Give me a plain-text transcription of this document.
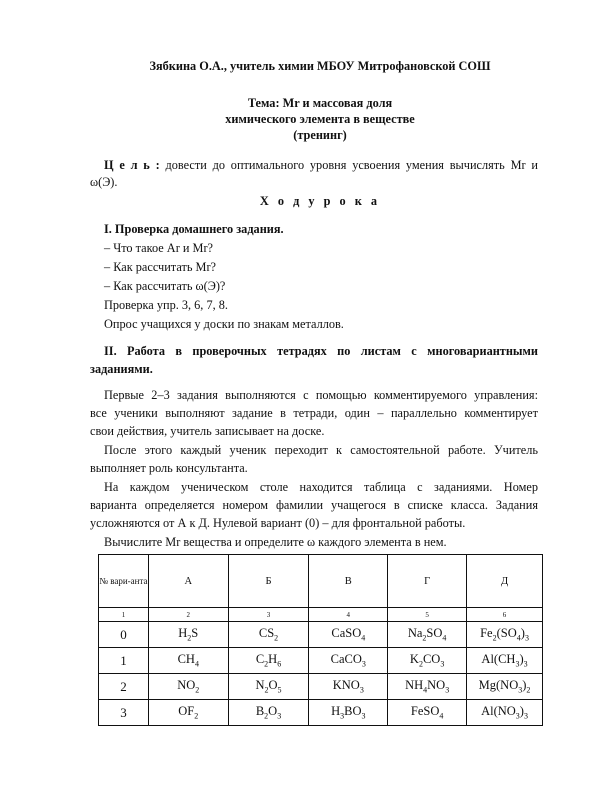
Зябкина О.А., учитель химии МБОУ Митрофановской СОШ
Тема: Mr и массовая доля
химического элемента в веществе
(тренинг)
Ц е л ь : довести до оптимального уровня усвоения умения вычислять Mr и
ω(Э).
Х о д у р о к а
I. Проверка домашнего задания.
– Что такое Ar и Mr?
– Как рассчитать Mr?
– Как рассчитать ω(Э)?
Проверка упр. 3, 6, 7, 8.
Опрос учащихся у доски по знакам металлов.
II. Работа в проверочных тетрадях по листам с многовариантными
заданиями.
Первые 2–3 задания выполняются с помощью комментируемого управления:
все ученики выполняют задание в тетради, один – параллельно комментирует
свои действия, учитель записывает на доске.
После этого каждый ученик переходит к самостоятельной работе. Учитель
выполняет роль консультанта.
На каждом ученическом столе находится таблица с заданиями. Номер
варианта определяется номером фамилии учащегося в списке класса. Задания
усложняются от А к Д. Нулевой вариант (0) – для фронтальной работы.
Вычислите Mr вещества и определите ω каждого элемента в нем.
№ вари-анта	А	Б	В	Г	Д
1	2	3	4	5	6
0	$H_2S$	$CS_2$	CaSO$_4$	$Na_2SO_4$	$Fe_2(SO_4)_3$
1	$CH_4$	$C_2H_6$	CaCO$_3$	$K_2CO_3$	$Al(CH_3)_3$
2	$NO_2$	$N_2O_5$	$KNO_3$	$NH_4NO_3$	$Mg(NO_3)_2$
3	$OF_2$	$B_2O_3$	$H_3BO_3$	FeSO$_4$	$Al(NO_3)_3$
